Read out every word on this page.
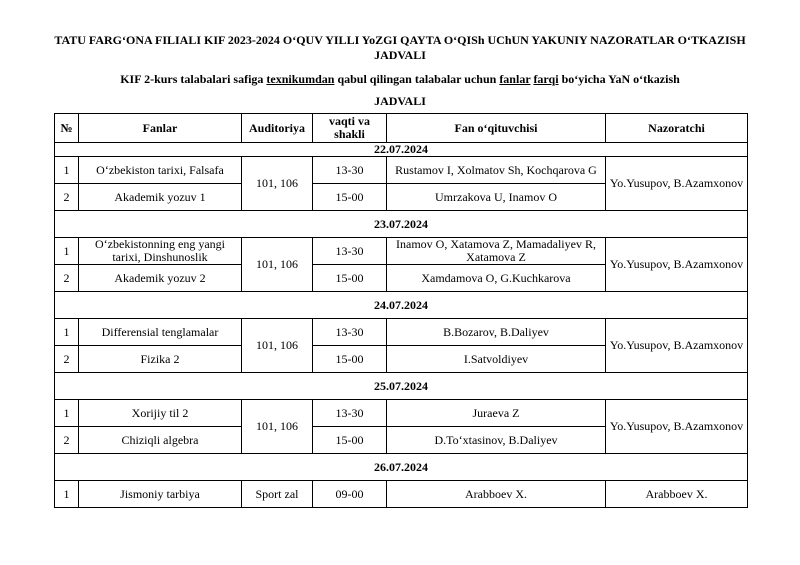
TATU FARG‘ONA FILIALI KIF 2023-2024 O‘QUV YILLI YoZGI QAYTA O‘QISh UChUN YAKUNIY NAZORATLAR O‘TKAZISH
JADVALI
KIF 2-kurs talabalari safiga texnikumdan qabul qilingan talabalar uchun fanlar farqi bo‘yicha YaN o‘tkazish
JADVALI
№	Fanlar	Auditoriya	vaqti va shakli	Fan o‘qituvchisi	Nazoratchi
22.07.2024					
1	O‘zbekiston tarixi, Falsafa	101, 106	13-30	Rustamov I, Xolmatov Sh, Kochqarova G	Yo.Yusupov, B.Azamxonov
2	Akademik yozuv 1		15-00	Umrzakova U, Inamov O	
23.07.2024					
1	O‘zbekistonning eng yangi tarixi, Dinshunoslik	101, 106	13-30	Inamov O, Xatamova Z, Mamadaliyev R, Xatamova Z	Yo.Yusupov, B.Azamxonov
2	Akademik yozuv 2		15-00	Xamdamova O, G.Kuchkarova	
24.07.2024					
1	Differensial tenglamalar	101, 106	13-30	B.Bozarov, B.Daliyev	Yo.Yusupov, B.Azamxonov
2	Fizika 2		15-00	I.Satvoldiyev	
25.07.2024					
1	Xorijiy til 2	101, 106	13-30	Juraeva Z	Yo.Yusupov, B.Azamxonov
2	Chiziqli algebra		15-00	D.To‘xtasinov, B.Daliyev	
26.07.2024					
1	Jismoniy tarbiya	Sport zal	09-00	Arabboev X.	Arabboev X.
